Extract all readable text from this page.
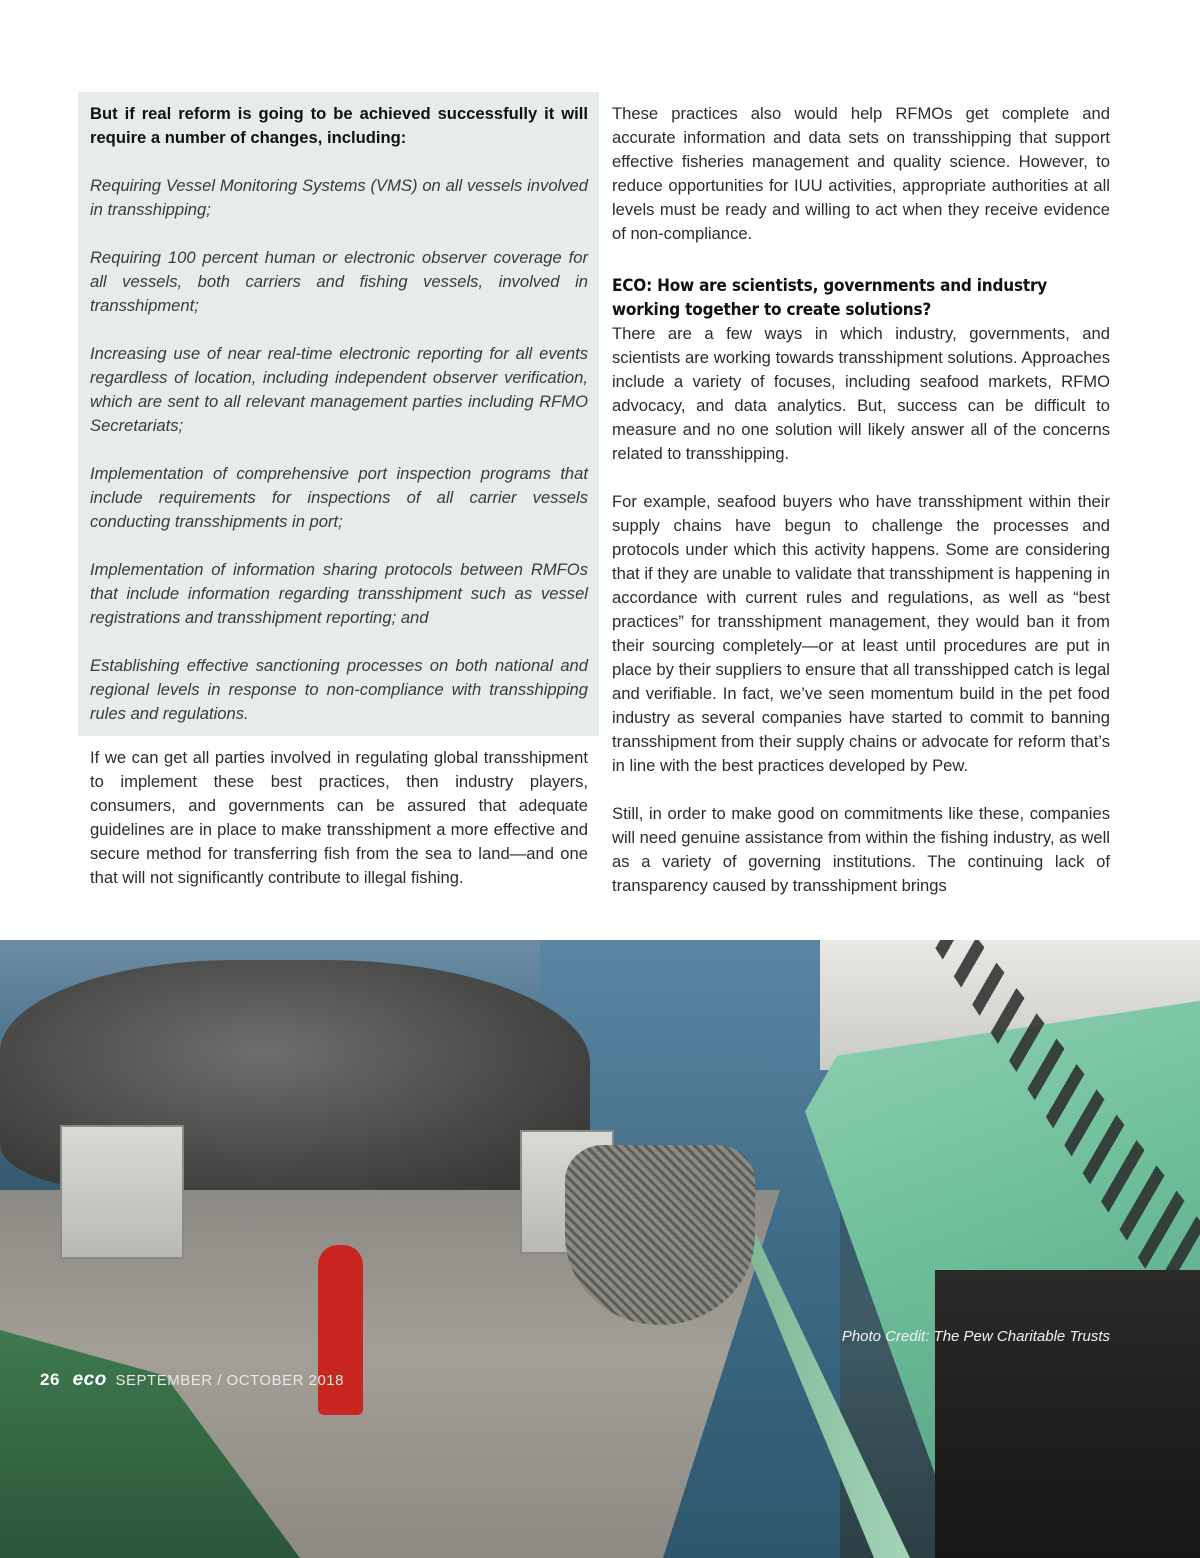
But if real reform is going to be achieved successfully it will require a number of changes, including:

Requiring Vessel Monitoring Systems (VMS) on all vessels involved in transshipping;

Requiring 100 percent human or electronic observer coverage for all vessels, both carriers and fishing vessels, involved in transshipment;

Increasing use of near real-time electronic reporting for all events regardless of location, including independent observer verification, which are sent to all relevant management parties including RFMO Secretariats;

Implementation of comprehensive port inspection programs that include requirements for inspections of all carrier vessels conducting transshipments in port;

Implementation of information sharing protocols between RMFOs that include information regarding transshipment such as vessel registrations and transshipment reporting; and

Establishing effective sanctioning processes on both national and regional levels in response to non-compliance with transshipping rules and regulations.

If we can get all parties involved in regulating global transshipment to implement these best practices, then industry players, consumers, and governments can be assured that adequate guidelines are in place to make transshipment a more effective and secure method for transferring fish from the sea to land—and one that will not significantly contribute to illegal fishing.

These practices also would help RFMOs get complete and accurate information and data sets on transshipping that support effective fisheries management and quality science. However, to reduce opportunities for IUU activities, appropriate authorities at all levels must be ready and willing to act when they receive evidence of non-compliance.

ECO: How are scientists, governments and industry working together to create solutions?

There are a few ways in which industry, governments, and scientists are working towards transshipment solutions. Approaches include a variety of focuses, including seafood markets, RFMO advocacy, and data analytics. But, success can be difficult to measure and no one solution will likely answer all of the concerns related to transshipping.

For example, seafood buyers who have transshipment within their supply chains have begun to challenge the processes and protocols under which this activity happens. Some are considering that if they are unable to validate that transshipment is happening in accordance with current rules and regulations, as well as “best practices” for transshipment management, they would ban it from their sourcing completely—or at least until procedures are put in place by their suppliers to ensure that all transshipped catch is legal and verifiable. In fact, we’ve seen momentum build in the pet food industry as several companies have started to commit to banning transshipment from their supply chains or advocate for reform that’s in line with the best practices developed by Pew.

Still, in order to make good on commitments like these, companies will need genuine assistance from within the fishing industry, as well as a variety of governing institutions. The continuing lack of transparency caused by transshipment brings

Photo Credit: The Pew Charitable Trusts
26 eco SEPTEMBER / OCTOBER 2018
